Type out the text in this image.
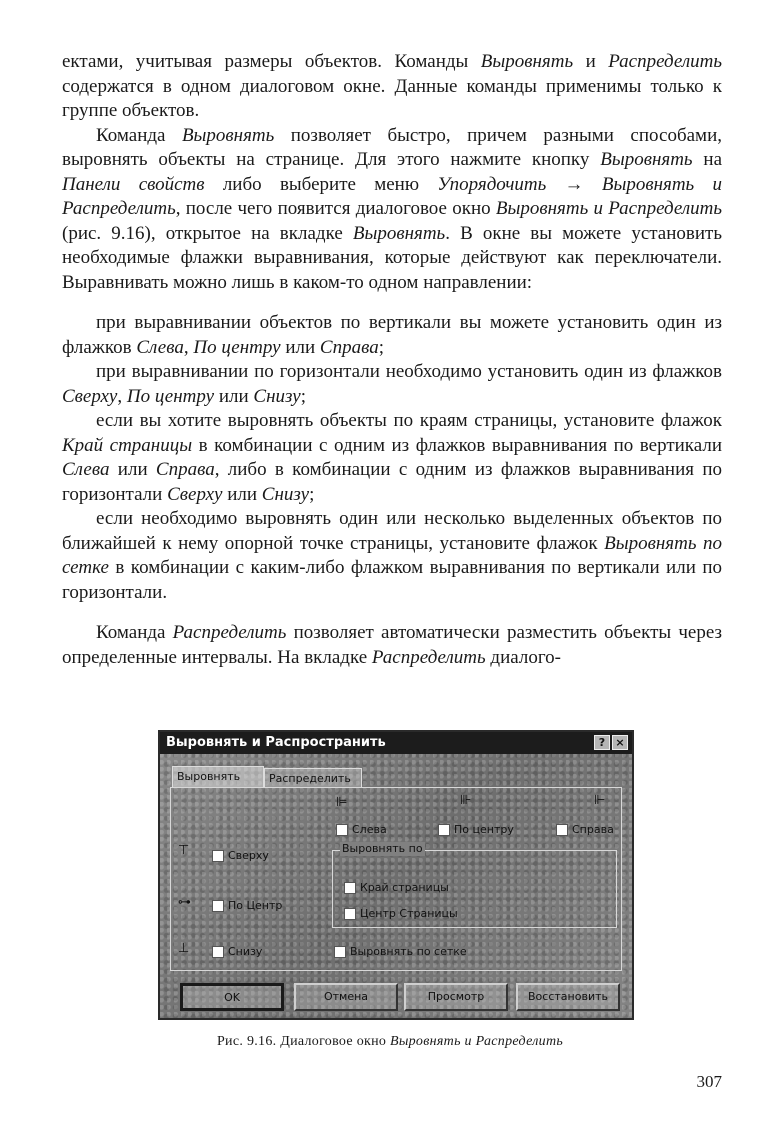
ектами, учитывая размеры объектов. Команды Выровнять и Распределить содержатся в одном диалоговом окне. Данные команды применимы только к группе объектов.

Команда Выровнять позволяет быстро, причем разными способами, выровнять объекты на странице. Для этого нажмите кнопку Выровнять на Панели свойств либо выберите меню Упорядочить → Выровнять и Распределить, после чего появится диалоговое окно Выровнять и Распределить (рис. 9.16), открытое на вкладке Выровнять. В окне вы можете установить необходимые флажки выравнивания, которые действуют как переключатели. Выравнивать можно лишь в каком-то одном направлении:

при выравнивании объектов по вертикали вы можете установить один из флажков Слева, По центру или Справа;

при выравнивании по горизонтали необходимо установить один из флажков Сверху, По центру или Снизу;

если вы хотите выровнять объекты по краям страницы, установите флажок Край страницы в комбинации с одним из флажков выравнивания по вертикали Слева или Справа, либо в комбинации с одним из флажков выравнивания по горизонтали Сверху или Снизу;

если необходимо выровнять один или несколько выделенных объектов по ближайшей к нему опорной точке страницы, установите флажок Выровнять по сетке в комбинации с каким-либо флажком выравнивания по вертикали или по горизонтали.

Команда Распределить позволяет автоматически разместить объекты через определенные интервалы. На вкладке Распределить диалого-

Выровнять и Распространить	? ×
Выровнять	Распределить
⊫	⊪	⊩
Слева	По центру	Справа
⊤	Сверху
⊶	По Центр
⊥	Снизу
Выровнять по
Край страницы
Центр Страницы
Выровнять по сетке
OK	Отмена	Просмотр	Восстановить
Рис. 9.16. Диалоговое окно Выровнять и Распределить
307
